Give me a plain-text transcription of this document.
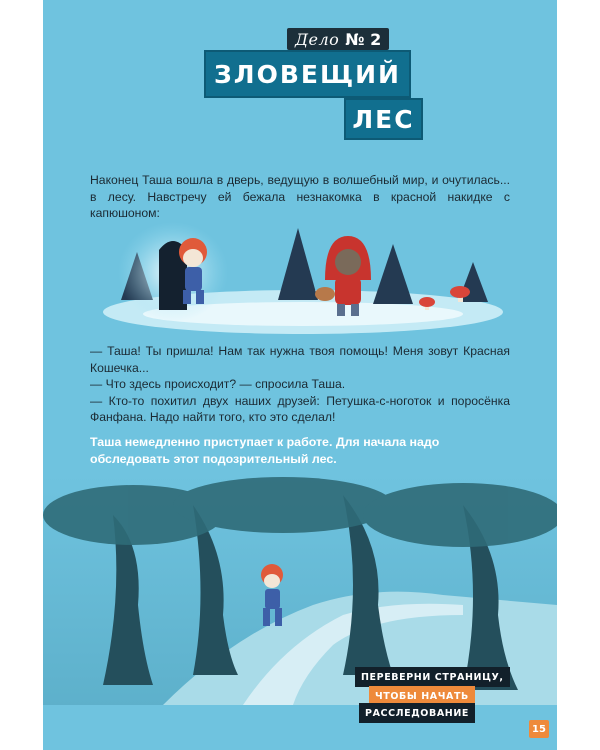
Дело № 2
ЗЛОВЕЩИЙ
ЛЕС

Наконец Таша вошла в дверь, ведущую в волшебный мир, и очутилась... в лесу. Навстречу ей бежала незнакомка в красной накидке с капюшоном:

— Таша! Ты пришла! Нам так нужна твоя помощь! Меня зовут Красная Кошечка...

— Что здесь происходит? — спросила Таша.

— Кто-то похитил двух наших друзей: Петушка-с-ноготок и поросёнка Фанфана. Надо найти того, кто это сделал!

Таша немедленно приступает к работе. Для начала надо обследовать этот подозрительный лес.
ПЕРЕВЕРНИ СТРАНИЦУ,
ЧТОБЫ НАЧАТЬ
РАССЛЕДОВАНИЕ
15
